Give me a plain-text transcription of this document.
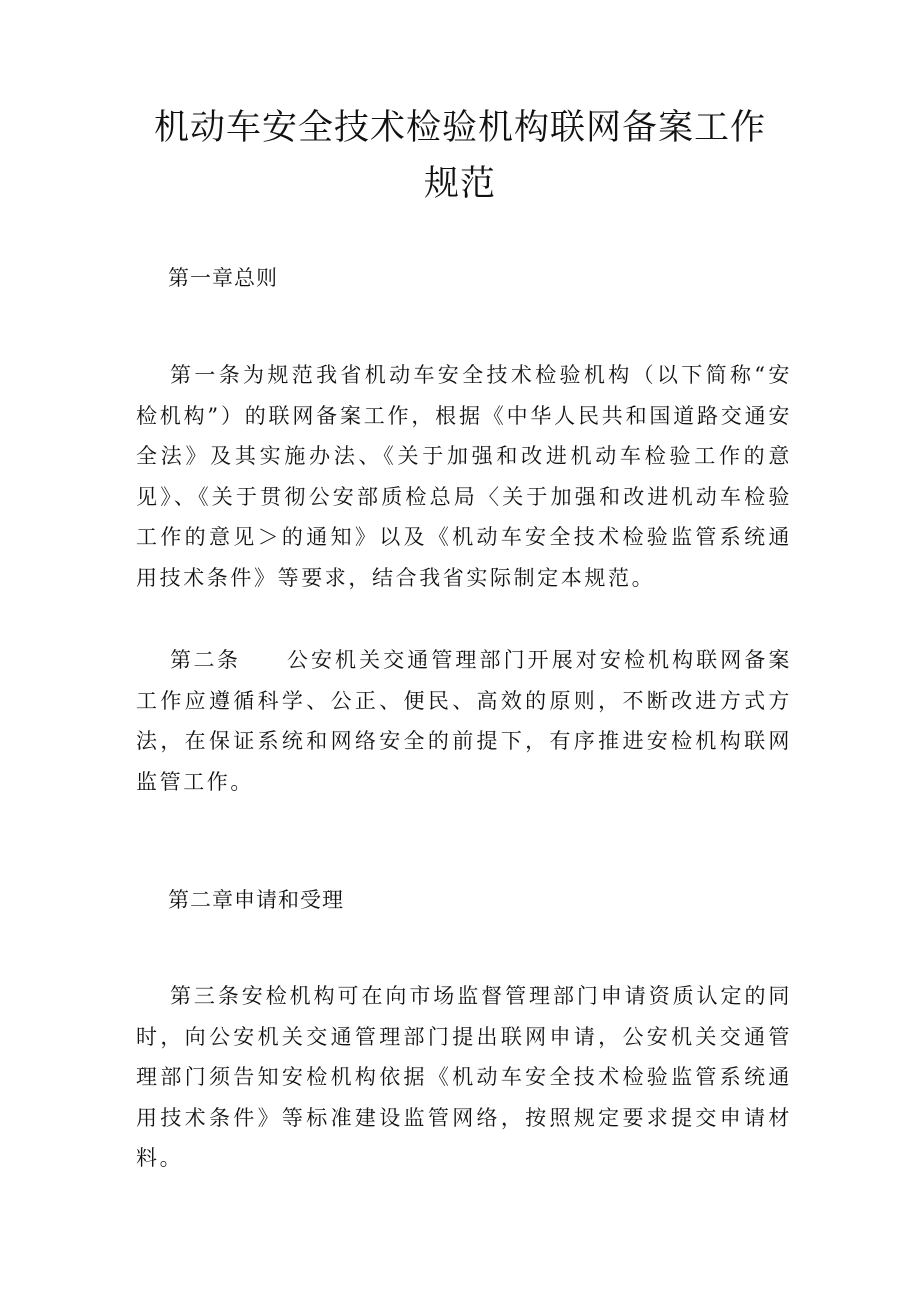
机动车安全技术检验机构联网备案工作规范
第一章总则

第一条为规范我省机动车安全技术检验机构（以下简称“安检机构”）的联网备案工作，根据《中华人民共和国道路交通安全法》及其实施办法、《关于加强和改进机动车检验工作的意见》、《关于贯彻公安部质检总局〈关于加强和改进机动车检验工作的意见＞的通知》以及《机动车安全技术检验监管系统通用技术条件》等要求，结合我省实际制定本规范。

第二条 公安机关交通管理部门开展对安检机构联网备案工作应遵循科学、公正、便民、高效的原则，不断改进方式方法，在保证系统和网络安全的前提下，有序推进安检机构联网监管工作。

第二章申请和受理

第三条安检机构可在向市场监督管理部门申请资质认定的同时，向公安机关交通管理部门提出联网申请，公安机关交通管理部门须告知安检机构依据《机动车安全技术检验监管系统通用技术条件》等标准建设监管网络，按照规定要求提交申请材料。
